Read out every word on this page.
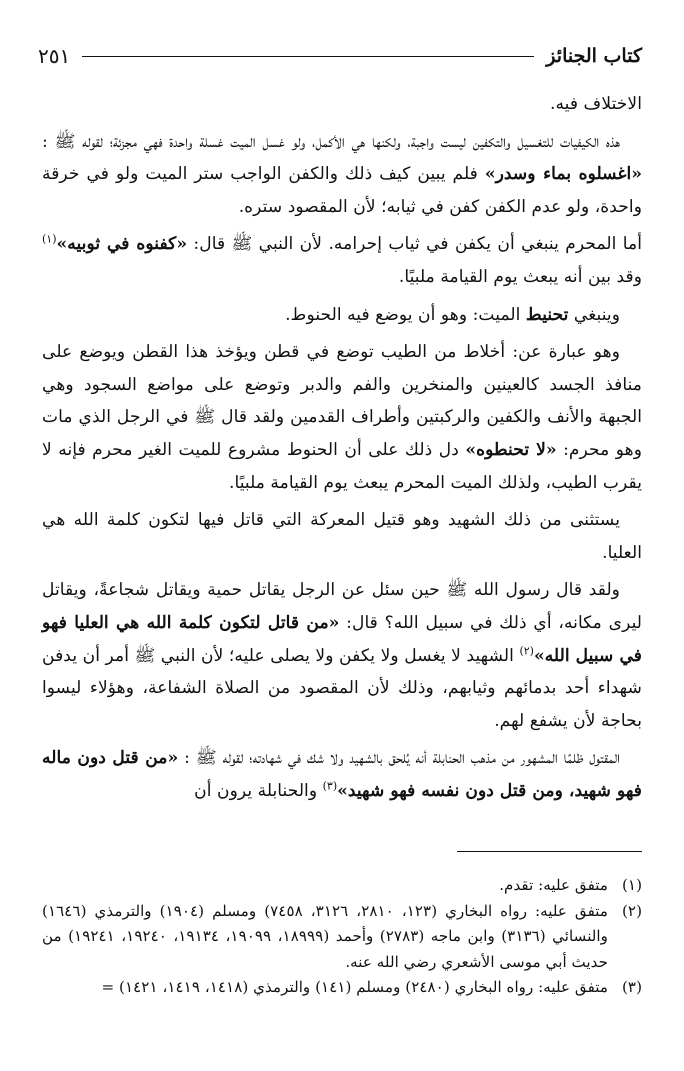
كتاب الجنائز
٢٥١

الاختلاف فيه.

هذه الكيفيات للتغسيل والتكفين ليست واجبة، ولكنها هي الأكمل، ولو غسل الميت غسلة واحدة فهي مجزئة؛ لقوله ﷺ : «اغسلوه بماء وسدر» فلم يبين كيف ذلك والكفن الواجب ستر الميت ولو في خرقة واحدة، ولو عدم الكفن كفن في ثيابه؛ لأن المقصود ستره.

أما المحرم ينبغي أن يكفن في ثياب إحرامه. لأن النبي ﷺ قال: «كفنوه في ثوبيه»$^{(١)}$ وقد بين أنه يبعث يوم القيامة ملبيًا.

وينبغي تحنيط الميت: وهو أن يوضع فيه الحنوط.

وهو عبارة عن: أخلاط من الطيب توضع في قطن ويؤخذ هذا القطن ويوضع على منافذ الجسد كالعينين والمنخرين والفم والدبر وتوضع على مواضع السجود وهي الجبهة والأنف والكفين والركبتين وأطراف القدمين ولقد قال ﷺ في الرجل الذي مات وهو محرم: «لا تحنطوه» دل ذلك على أن الحنوط مشروع للميت الغير محرم فإنه لا يقرب الطيب، ولذلك الميت المحرم يبعث يوم القيامة ملبيًا.

يستثنى من ذلك الشهيد وهو قتيل المعركة التي قاتل فيها لتكون كلمة الله هي العليا.

ولقد قال رسول الله ﷺ حين سئل عن الرجل يقاتل حمية ويقاتل شجاعةً، ويقاتل ليرى مكانه، أي ذلك في سبيل الله؟ قال: «من قاتل لتكون كلمة الله هي العليا فهو في سبيل الله»$^{(٢)}$ الشهيد لا يغسل ولا يكفن ولا يصلى عليه؛ لأن النبي ﷺ أمر أن يدفن شهداء أحد بدمائهم وثيابهم، وذلك لأن المقصود من الصلاة الشفاعة، وهؤلاء ليسوا بحاجة لأن يشفع لهم.

المقتول ظلمًا المشهور من مذهب الحنابلة أنه يُلحق بالشهيد ولا شك في شهادته؛ لقوله ﷺ : «من قتل دون ماله فهو شهيد، ومن قتل دون نفسه فهو شهيد»$^{(٣)}$ والحنابلة يرون أن

(١)
متفق عليه: تقدم.
(٢)
متفق عليه: رواه البخاري (١٢٣، ٢٨١٠، ٣١٢٦، ٧٤٥٨) ومسلم (١٩٠٤) والترمذي (١٦٤٦) والنسائي (٣١٣٦) وابن ماجه (٢٧٨٣) وأحمد (١٨٩٩٩، ١٩٠٩٩، ١٩١٣٤، ١٩٢٤٠، ١٩٢٤١) من حديث أبي موسى الأشعري رضي الله عنه.
(٣)
متفق عليه: رواه البخاري (٢٤٨٠) ومسلم (١٤١) والترمذي (١٤١٨، ١٤١٩، ١٤٢١) =
